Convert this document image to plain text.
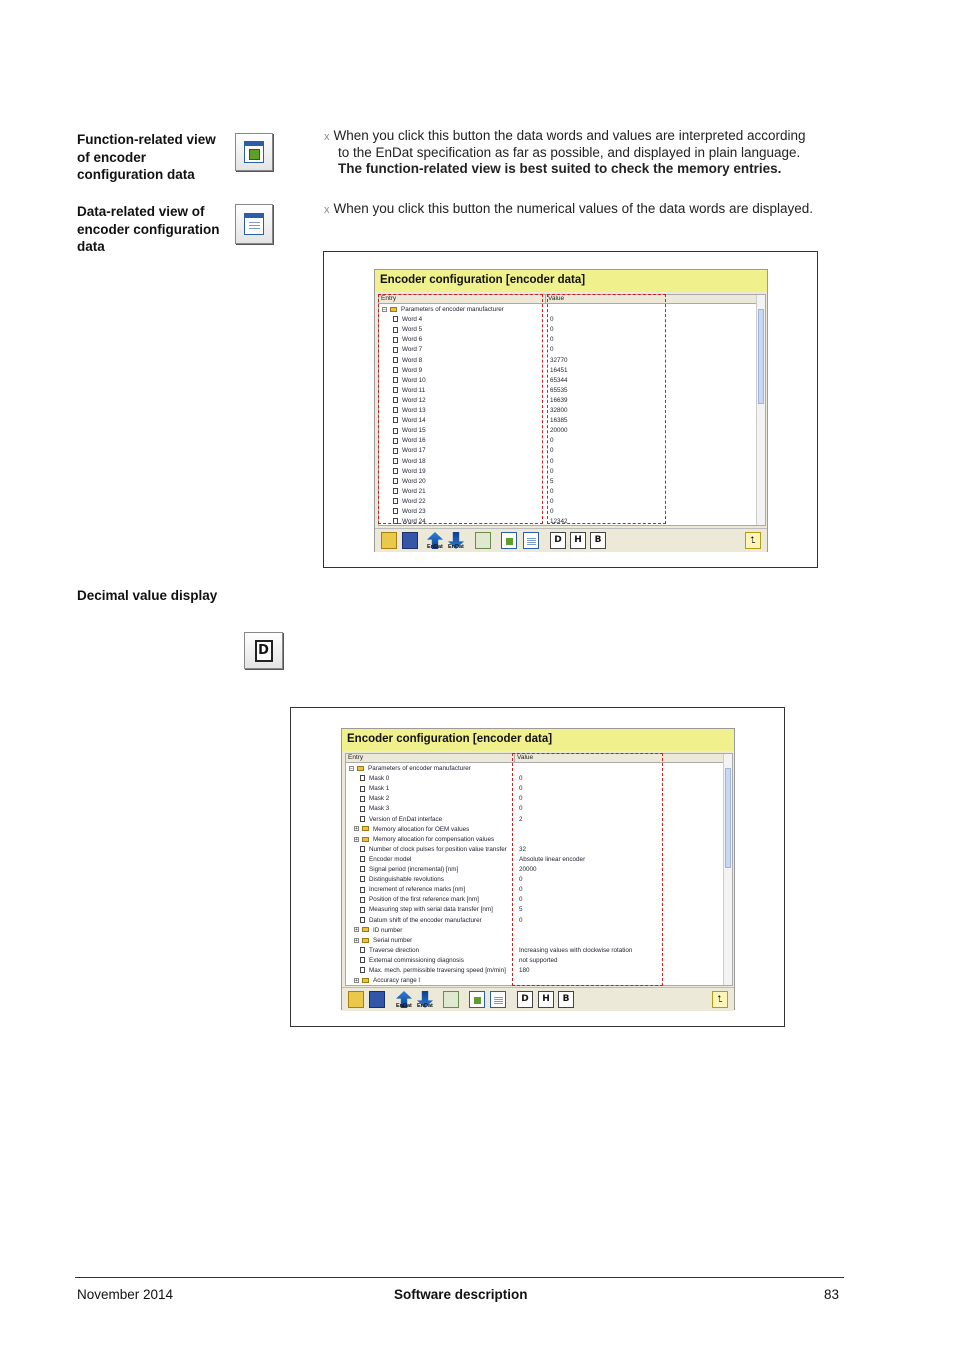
Function-related view of encoder configuration data
x When you click this button the data words and values are interpreted according
to the EnDat specification as far as possible, and displayed in plain language.
The function-related view is best suited to check the memory entries.
Data-related view of encoder configuration data
x When you click this button the numerical values of the data words are displayed.
Encoder configuration [encoder data]
Entry	Value
− Parameters of encoder manufacturer
Word 4	0
Word 5	0
Word 6	0
Word 7	0
Word 8	32770
Word 9	16451
Word 10	65344
Word 11	65535
Word 12	16639
Word 13	32800
Word 14	16385
Word 15	20000
Word 16	0
Word 17	0
Word 18	0
Word 19	0
Word 20	5
Word 21	0
Word 22	0
Word 23	0
Word 24	12342
EnDat EnDat
D	H	B	⮤
Decimal value display
D
Encoder configuration [encoder data]
Entry	Value
− Parameters of encoder manufacturer
Mask 0	0
Mask 1	0
Mask 2	0
Mask 3	0
Version of EnDat interface	2
+ Memory allocation for OEM values
+ Memory allocation for compensation values
Number of clock pulses for position value transfer 32
Encoder model	Absolute linear encoder
Signal period (incremental) [nm]	20000
Distinguishable revolutions	0
Increment of reference marks [nm]	0
Position of the first reference mark [nm]	0
Measuring step with serial data transfer [nm]	5
Datum shift of the encoder manufacturer	0
+ ID number
+ Serial number
Traverse direction	Increasing values with clockwise rotation
External commissioning diagnosis	not supported
Max. mech. permissible traversing speed [m/min] 180
+ Accuracy range l
EnDat EnDat
D	H	B	⮤
November 2014	Software description	83
